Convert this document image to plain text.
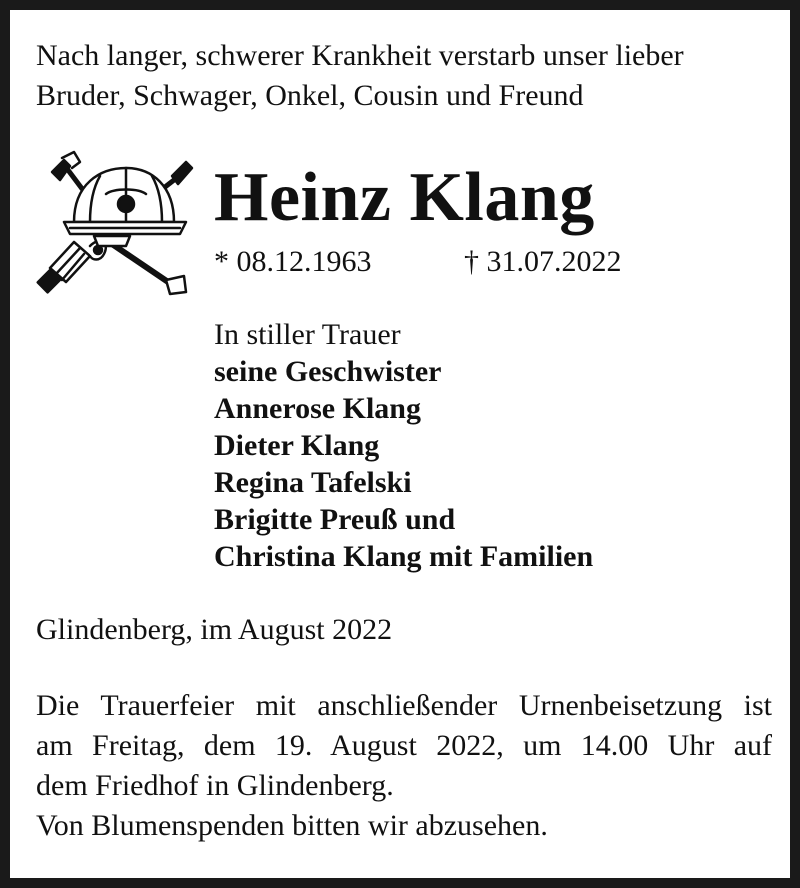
Nach langer, schwerer Krankheit verstarb unser lieber
Bruder, Schwager, Onkel, Cousin und Freund
Heinz Klang
* 08.12.1963	† 31.07.2022
In stiller Trauer
seine Geschwister
Annerose Klang
Dieter Klang
Regina Tafelski
Brigitte Preuß und
Christina Klang mit Familien
Glindenberg, im August 2022
Die Trauerfeier mit anschließender Urnenbeisetzung ist
am Freitag, dem 19. August 2022, um 14.00 Uhr auf
dem Friedhof in Glindenberg.
Von Blumenspenden bitten wir abzusehen.
